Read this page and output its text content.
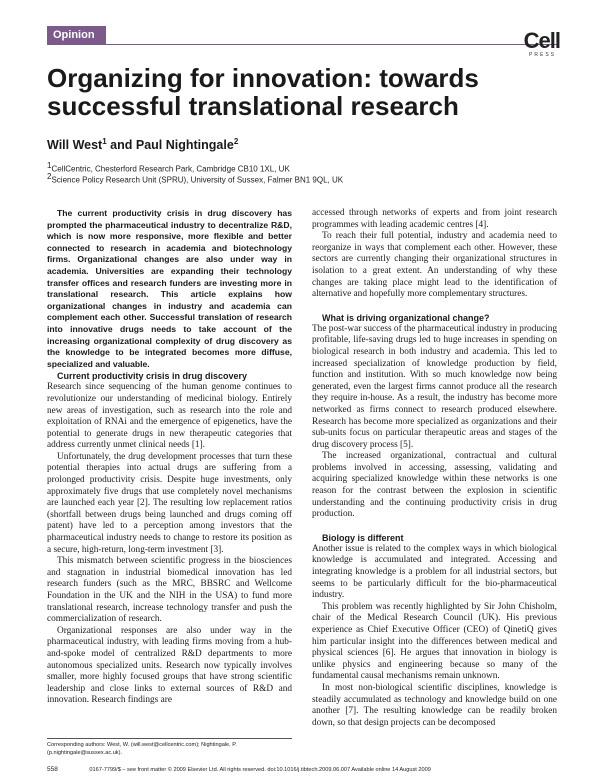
Opinion	Cell
PRESS
Organizing for innovation: towards successful translational research
Will West$^1$ and Paul Nightingale$^2$
$^1$CellCentric, Chesterford Research Park, Cambridge CB10 1XL, UK
$^2$Science Policy Research Unit (SPRU), University of Sussex, Falmer BN1 9QL, UK

The current productivity crisis in drug discovery has prompted the pharmaceutical industry to decentralize R&D, which is now more responsive, more flexible and better connected to research in academia and biotechnology firms. Organizational changes are also under way in academia. Universities are expanding their technology transfer offices and research funders are investing more in translational research. This article explains how organizational changes in industry and academia can complement each other. Successful translation of research into innovative drugs needs to take account of the increasing organizational complexity of drug discovery as the knowledge to be integrated becomes more diffuse, specialized and valuable.

Current productivity crisis in drug discovery

Research since sequencing of the human genome continues to revolutionize our understanding of medicinal biology. Entirely new areas of investigation, such as research into the role and exploitation of RNAi and the emergence of epigenetics, have the potential to generate drugs in new therapeutic categories that address currently unmet clinical needs [1].

Unfortunately, the drug development processes that turn these potential therapies into actual drugs are suffering from a prolonged productivity crisis. Despite huge investments, only approximately five drugs that use completely novel mechanisms are launched each year [2]. The resulting low replacement ratios (shortfall between drugs being launched and drugs coming off patent) have led to a perception among investors that the pharmaceutical industry needs to change to restore its position as a secure, high-return, long-term investment [3].

This mismatch between scientific progress in the biosciences and stagnation in industrial biomedical innovation has led research funders (such as the MRC, BBSRC and Wellcome Foundation in the UK and the NIH in the USA) to fund more translational research, increase technology transfer and push the commercialization of research.

Organizational responses are also under way in the pharmaceutical industry, with leading firms moving from a hub-and-spoke model of centralized R&D departments to more autonomous specialized units. Research now typically involves smaller, more highly focused groups that have strong scientific leadership and close links to external sources of R&D and innovation. Research findings are

accessed through networks of experts and from joint research programmes with leading academic centres [4].

To reach their full potential, industry and academia need to reorganize in ways that complement each other. However, these sectors are currently changing their organizational structures in isolation to a great extent. An understanding of why these changes are taking place might lead to the identification of alternative and hopefully more complementary structures.

What is driving organizational change?

The post-war success of the pharmaceutical industry in producing profitable, life-saving drugs led to huge increases in spending on biological research in both industry and academia. This led to increased specialization of knowledge production by field, function and institution. With so much knowledge now being generated, even the largest firms cannot produce all the research they require in-house. As a result, the industry has become more networked as firms connect to research produced elsewhere. Research has become more specialized as organizations and their sub-units focus on particular therapeutic areas and stages of the drug discovery process [5].

The increased organizational, contractual and cultural problems involved in accessing, assessing, validating and acquiring specialized knowledge within these networks is one reason for the contrast between the explosion in scientific understanding and the continuing productivity crisis in drug production.

Biology is different

Another issue is related to the complex ways in which biological knowledge is accumulated and integrated. Accessing and integrating knowledge is a problem for all industrial sectors, but seems to be particularly difficult for the bio-pharmaceutical industry.

This problem was recently highlighted by Sir John Chisholm, chair of the Medical Research Council (UK). His previous experience as Chief Executive Officer (CEO) of QinetiQ gives him particular insight into the differences between medical and physical sciences [6]. He argues that innovation in biology is unlike physics and engineering because so many of the fundamental causal mechanisms remain unknown.

In most non-biological scientific disciplines, knowledge is steadily accumulated as technology and knowledge build on one another [7]. The resulting knowledge can be readily broken down, so that design projects can be decomposed

Corresponding authors: West, W. (will.west@cellcentric.com); Nightingale, P. (p.nightingale@sussex.ac.uk).
558	0167-7799/$ – see front matter © 2009 Elsevier Ltd. All rights reserved. doi:10.1016/j.tibtech.2009.06.007 Available online 14 August 2009
